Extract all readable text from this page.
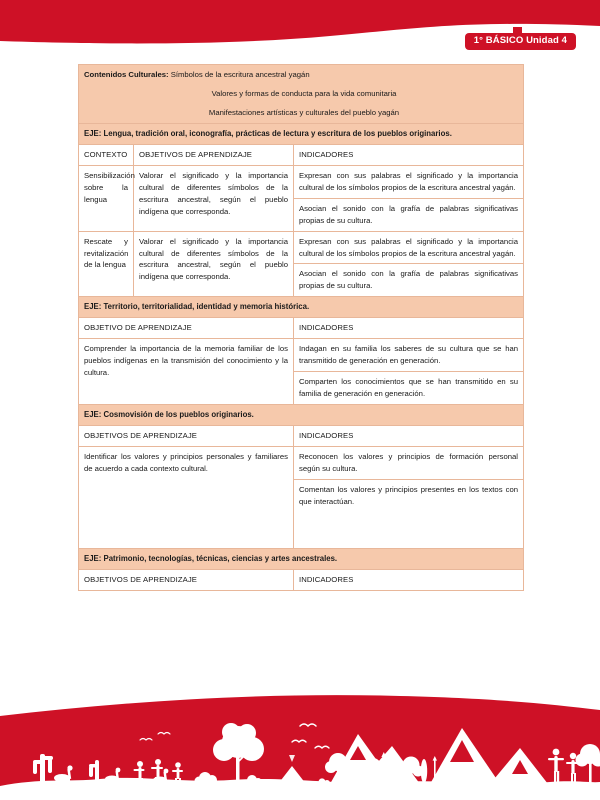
1° BÁSICO Unidad 4
Contenidos Culturales: Símbolos de la escritura ancestral yagán
Valores y formas de conducta para la vida comunitaria
Manifestaciones artísticas y culturales del pueblo yagán		

EJE: Lengua, tradición oral, iconografía, prácticas de lectura y escritura de los pueblos originarios.		
CONTEXTO	OBJETIVOS DE APRENDIZAJE	INDICADORES
Sensibilización sobre la lengua	Valorar el significado y la importancia cultural de diferentes símbolos de la escritura ancestral, según el pueblo indígena que corresponda.	Expresan con sus palabras el significado y la importancia cultural de los símbolos propios de la escritura ancestral yagán.
		Asocian el sonido con la grafía de palabras significativas propias de su cultura.
Rescate y revitalización de la lengua	Valorar el significado y la importancia cultural de diferentes símbolos de la escritura ancestral, según el pueblo indígena que corresponda.	Expresan con sus palabras el significado y la importancia cultural de los símbolos propios de la escritura ancestral yagán.
		Asocian el sonido con la grafía de palabras significativas propias de su cultura.
EJE: Territorio, territorialidad, identidad y memoria histórica.		
OBJETIVO DE APRENDIZAJE		INDICADORES
Comprender la importancia de la memoria familiar de los pueblos indígenas en la transmisión del conocimiento y la cultura.		Indagan en su familia los saberes de su cultura que se han transmitido de generación en generación.
		Comparten los conocimientos que se han transmitido en su familia de generación en generación.
EJE: Cosmovisión de los pueblos originarios.		
OBJETIVOS DE APRENDIZAJE		INDICADORES
Identificar los valores y principios personales y familiares de acuerdo a cada contexto cultural.		Reconocen los valores y principios de formación personal según su cultura.
		Comentan los valores y principios presentes en los textos con que interactúan.
EJE: Patrimonio, tecnologías, técnicas, ciencias y artes ancestrales.		
OBJETIVOS DE APRENDIZAJE		INDICADORES
